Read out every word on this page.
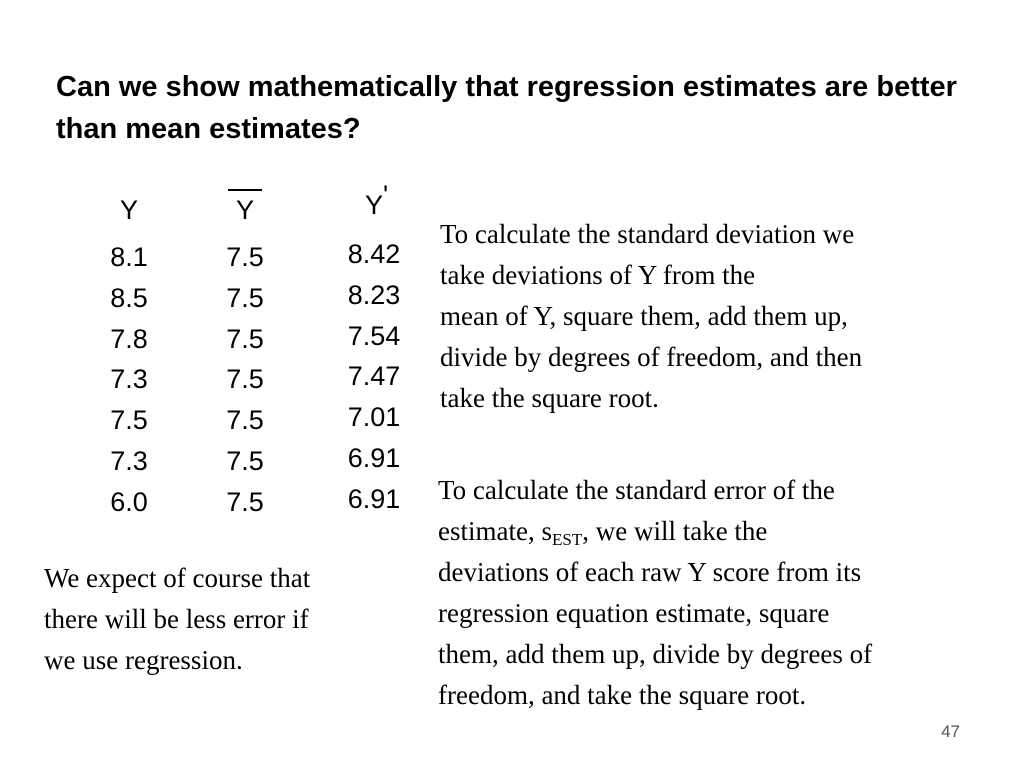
Can we show mathematically that regression estimates are better than mean estimates?
Y
8.1
8.5
7.8
7.3
7.5
7.3
6.0
Y
7.5
7.5
7.5
7.5
7.5
7.5
7.5
Y '
8.42
8.23
7.54
7.47
7.01
6.91
6.91

To calculate the standard deviation we
take deviations of Y from the
mean of Y, square them, add them up,
divide by degrees of freedom, and then
take the square root.

To calculate the standard error of the
estimate, $s_{EST}$, we will take the
deviations of each raw Y score from its
regression equation estimate, square
them, add them up, divide by degrees of
freedom, and take the square root.

We expect of course that
there will be less error if
we use regression.

47
